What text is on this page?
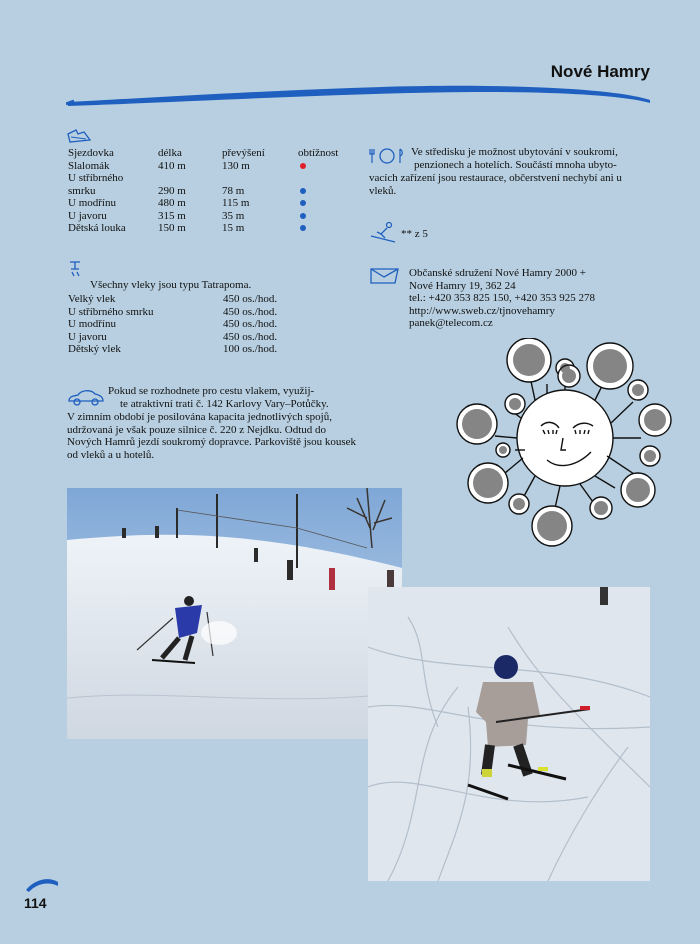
Nové Hamry
Sjezdovka	délka	převýšení	obtížnost
Slalomák	410 m	130 m	
U stříbrného			
smrku	290 m	78 m	
U modřínu	480 m	115 m	
U javoru	315 m	35 m	
Dětská louka	150 m	15 m	
Všechny vleky jsou typu Tatrapoma.
Velký vlek	450 os./hod.
U stříbrného smrku	450 os./hod.
U modřínu	450 os./hod.
U javoru	450 os./hod.
Dětský vlek	100 os./hod.
Pokud se rozhodnete pro cestu vlakem, využij-
te atraktivní trati č. 142 Karlovy Vary–Potůčky.
V zimním období je posilována kapacita jednotlivých spojů, udržovaná je však pouze silnice č. 220 z Nejdku. Odtud do Nových Hamrů jezdí soukromý dopravce. Parkoviště jsou kousek od vleků a u hotelů.
Ve středisku je možnost ubytování v soukromí,
penzionech a hotelích. Součástí mnoha ubyto-
vacích zařízení jsou restaurace, občerstvení nechybí ani u vleků.
** z 5
Občanské sdružení Nové Hamry 2000 +
Nové Hamry 19, 362 24
tel.: +420 353 825 150, +420 353 925 278
http://www.sweb.cz/tjnovehamry
panek@telecom.cz
114
